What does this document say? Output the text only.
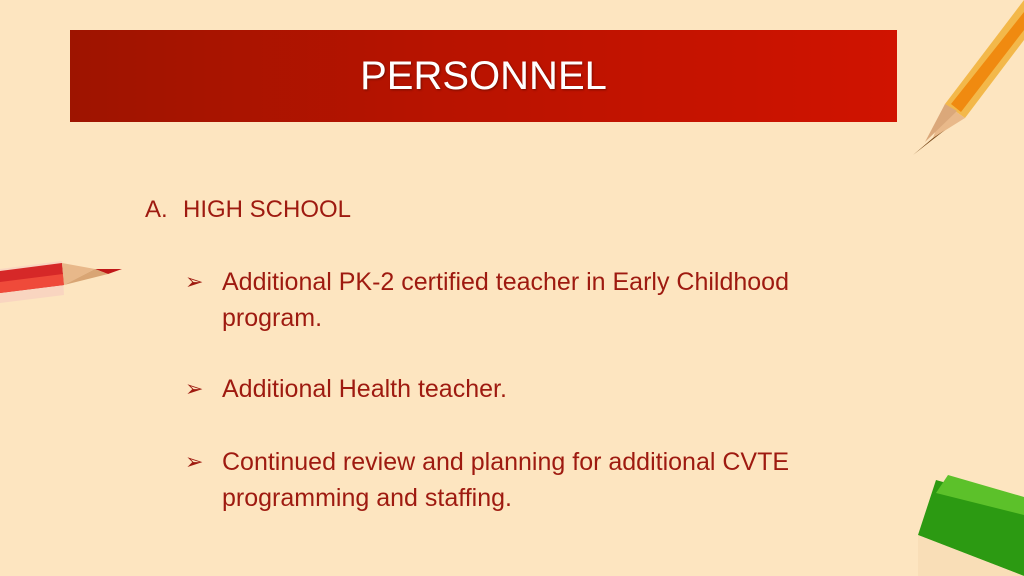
PERSONNEL
A. HIGH SCHOOL
➢ Additional PK-2 certified teacher in Early Childhood program.
➢ Additional Health teacher.
➢ Continued review and planning for additional CVTE programming and staffing.
